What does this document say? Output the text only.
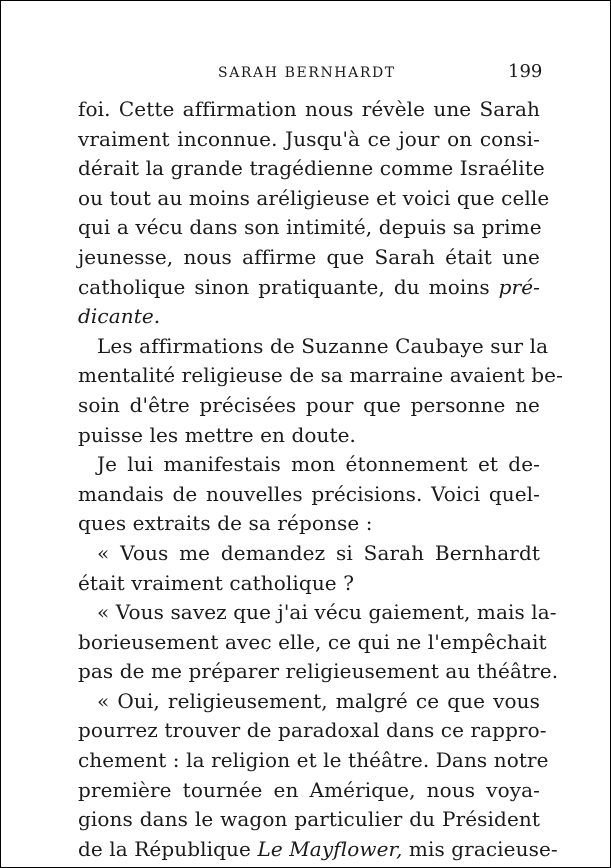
SARAH BERNHARDT	199
foi. Cette affirmation nous révèle une Sarah
vraiment inconnue. Jusqu'à ce jour on consi-
dérait la grande tragédienne comme Israélite
ou tout au moins aréligieuse et voici que celle
qui a vécu dans son intimité, depuis sa prime
jeunesse, nous affirme que Sarah était une
catholique sinon pratiquante, du moins pré-
dicante.
Les affirmations de Suzanne Caubaye sur la
mentalité religieuse de sa marraine avaient be-
soin d'être précisées pour que personne ne
puisse les mettre en doute.
Je lui manifestais mon étonnement et de-
mandais de nouvelles précisions. Voici quel-
ques extraits de sa réponse :
« Vous me demandez si Sarah Bernhardt
était vraiment catholique ?
« Vous savez que j'ai vécu gaiement, mais la-
borieusement avec elle, ce qui ne l'empêchait
pas de me préparer religieusement au théâtre.
« Oui, religieusement, malgré ce que vous
pourrez trouver de paradoxal dans ce rappro-
chement : la religion et le théâtre. Dans notre
première tournée en Amérique, nous voya-
gions dans le wagon particulier du Président
de la République Le Mayflower, mis gracieuse-
